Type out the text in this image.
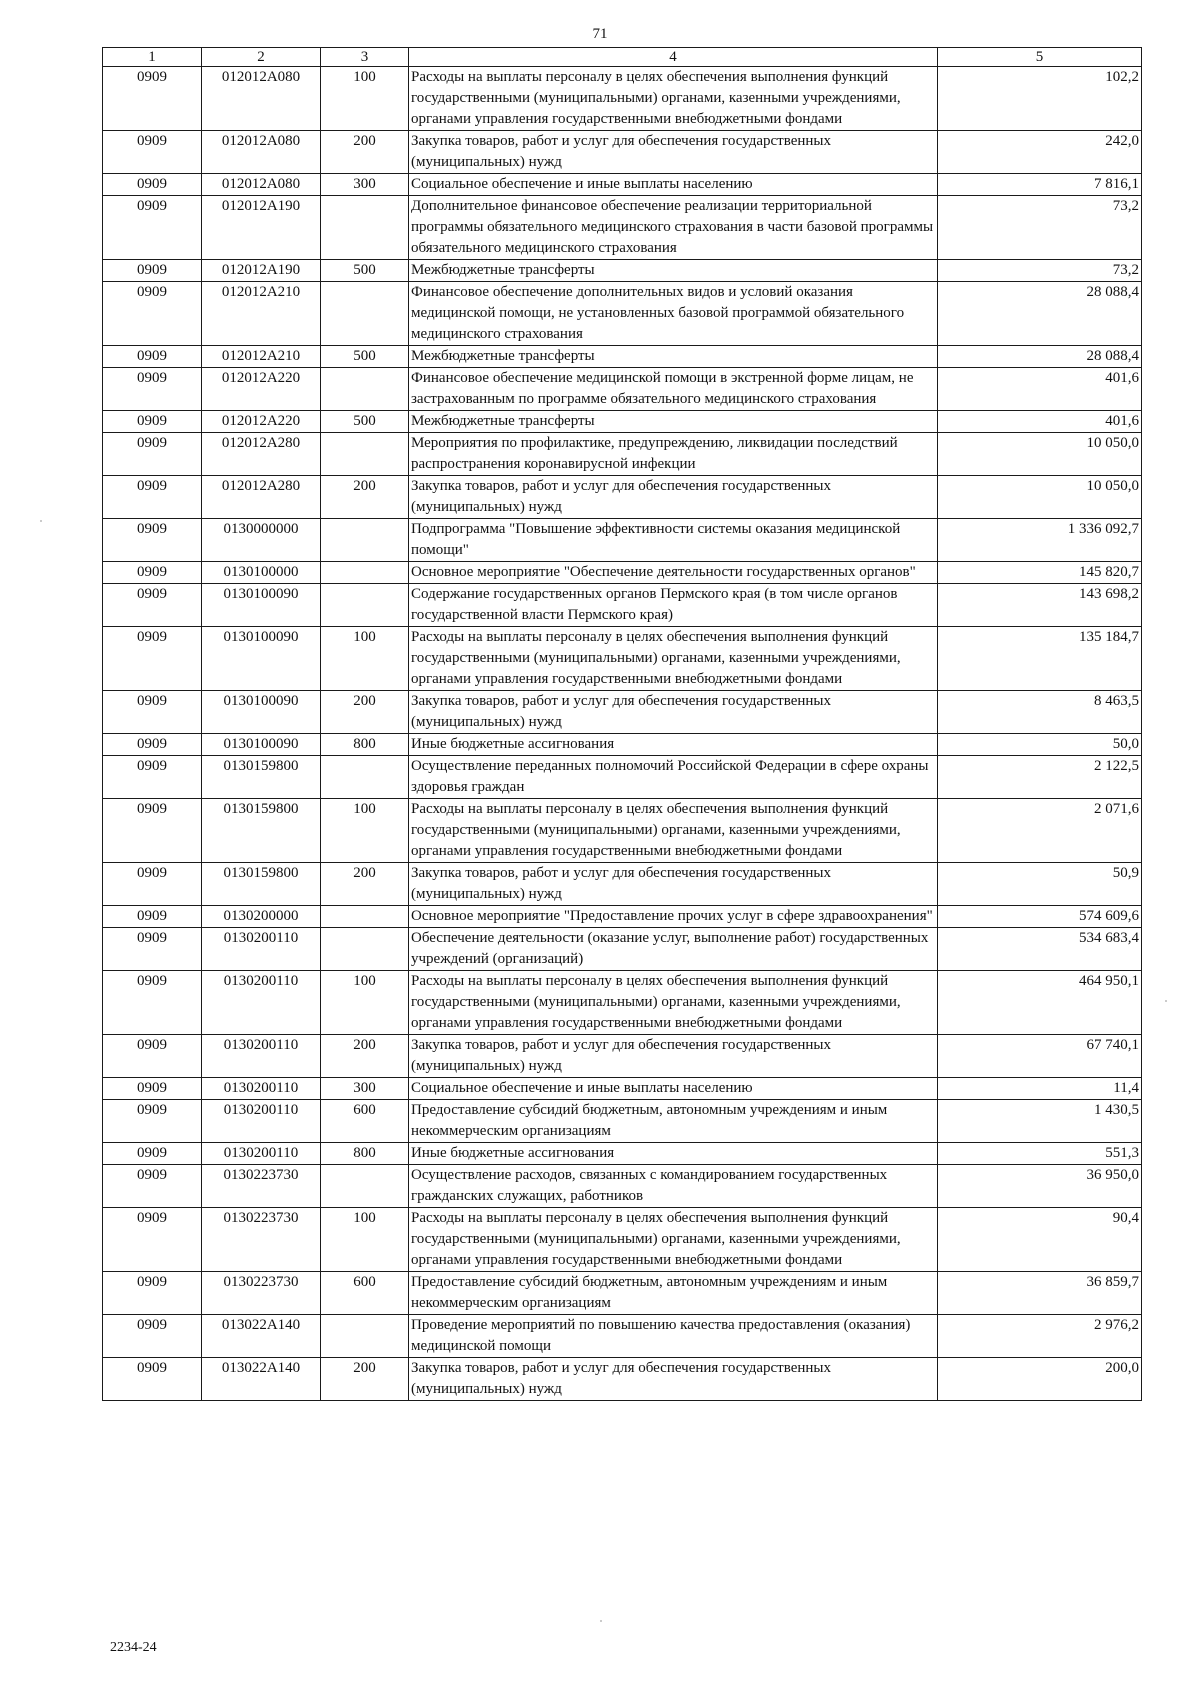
71
1	2	3	4	5
0909	012012A080	100	Расходы на выплаты персоналу в целях обеспечения выполнения функций государственными (муниципальными) органами, казенными учреждениями, органами управления государственными внебюджетными фондами	102,2
0909	012012A080	200	Закупка товаров, работ и услуг для обеспечения государственных (муниципальных) нужд	242,0
0909	012012A080	300	Социальное обеспечение и иные выплаты населению	7 816,1
0909	012012A190		Дополнительное финансовое обеспечение реализации территориальной программы обязательного медицинского страхования в части базовой программы обязательного медицинского страхования	73,2
0909	012012A190	500	Межбюджетные трансферты	73,2
0909	012012A210		Финансовое обеспечение дополнительных видов и условий оказания медицинской помощи, не установленных базовой программой обязательного медицинского страхования	28 088,4
0909	012012A210	500	Межбюджетные трансферты	28 088,4
0909	012012A220		Финансовое обеспечение медицинской помощи в экстренной форме лицам, не застрахованным по программе обязательного медицинского страхования	401,6
0909	012012A220	500	Межбюджетные трансферты	401,6
0909	012012A280		Мероприятия по профилактике, предупреждению, ликвидации последствий распространения коронавирусной инфекции	10 050,0
0909	012012A280	200	Закупка товаров, работ и услуг для обеспечения государственных (муниципальных) нужд	10 050,0
0909	0130000000		Подпрограмма "Повышение эффективности системы оказания медицинской помощи"	1 336 092,7
0909	0130100000		Основное мероприятие "Обеспечение деятельности государственных органов"	145 820,7
0909	0130100090		Содержание государственных органов Пермского края (в том числе органов государственной власти Пермского края)	143 698,2
0909	0130100090	100	Расходы на выплаты персоналу в целях обеспечения выполнения функций государственными (муниципальными) органами, казенными учреждениями, органами управления государственными внебюджетными фондами	135 184,7
0909	0130100090	200	Закупка товаров, работ и услуг для обеспечения государственных (муниципальных) нужд	8 463,5
0909	0130100090	800	Иные бюджетные ассигнования	50,0
0909	0130159800		Осуществление переданных полномочий Российской Федерации в сфере охраны здоровья граждан	2 122,5
0909	0130159800	100	Расходы на выплаты персоналу в целях обеспечения выполнения функций государственными (муниципальными) органами, казенными учреждениями, органами управления государственными внебюджетными фондами	2 071,6
0909	0130159800	200	Закупка товаров, работ и услуг для обеспечения государственных (муниципальных) нужд	50,9
0909	0130200000		Основное мероприятие "Предоставление прочих услуг в сфере здравоохранения"	574 609,6
0909	0130200110		Обеспечение деятельности (оказание услуг, выполнение работ) государственных учреждений (организаций)	534 683,4
0909	0130200110	100	Расходы на выплаты персоналу в целях обеспечения выполнения функций государственными (муниципальными) органами, казенными учреждениями, органами управления государственными внебюджетными фондами	464 950,1
0909	0130200110	200	Закупка товаров, работ и услуг для обеспечения государственных (муниципальных) нужд	67 740,1
0909	0130200110	300	Социальное обеспечение и иные выплаты населению	11,4
0909	0130200110	600	Предоставление субсидий бюджетным, автономным учреждениям и иным некоммерческим организациям	1 430,5
0909	0130200110	800	Иные бюджетные ассигнования	551,3
0909	0130223730		Осуществление расходов, связанных с командированием государственных гражданских служащих, работников	36 950,0
0909	0130223730	100	Расходы на выплаты персоналу в целях обеспечения выполнения функций государственными (муниципальными) органами, казенными учреждениями, органами управления государственными внебюджетными фондами	90,4
0909	0130223730	600	Предоставление субсидий бюджетным, автономным учреждениям и иным некоммерческим организациям	36 859,7
0909	013022A140		Проведение мероприятий по повышению качества предоставления (оказания) медицинской помощи	2 976,2
0909	013022A140	200	Закупка товаров, работ и услуг для обеспечения государственных (муниципальных) нужд	200,0
2234-24
